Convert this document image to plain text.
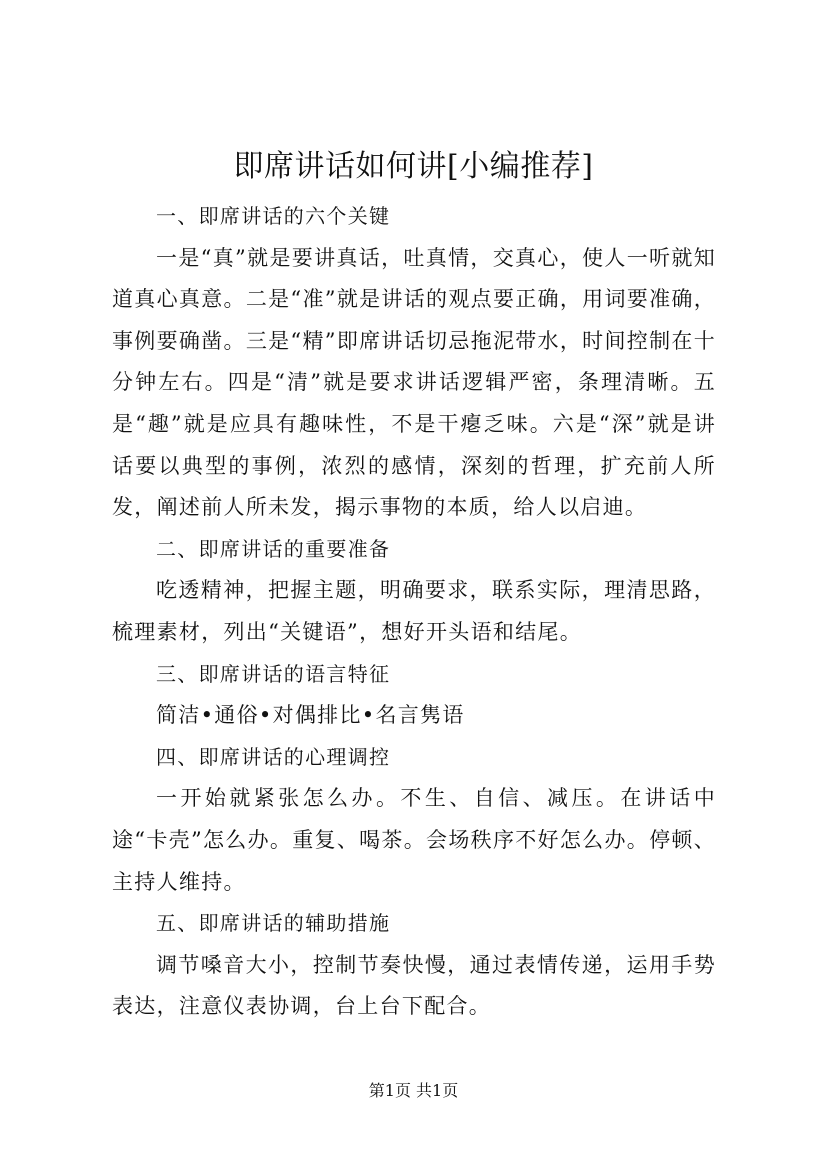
即席讲话如何讲[小编推荐]

一、即席讲话的六个关键

一是“真”就是要讲真话，吐真情，交真心，使人一听就知道真心真意。二是“准”就是讲话的观点要正确，用词要准确，事例要确凿。三是“精”即席讲话切忌拖泥带水，时间控制在十分钟左右。四是“清”就是要求讲话逻辑严密，条理清晰。五是“趣”就是应具有趣味性，不是干瘪乏味。六是“深”就是讲话要以典型的事例，浓烈的感情，深刻的哲理，扩充前人所发，阐述前人所未发，揭示事物的本质，给人以启迪。

二、即席讲话的重要准备

吃透精神，把握主题，明确要求，联系实际，理清思路，梳理素材，列出“关键语”，想好开头语和结尾。

三、即席讲话的语言特征

简洁•通俗•对偶排比•名言隽语

四、即席讲话的心理调控

一开始就紧张怎么办。不生、自信、减压。在讲话中途“卡壳”怎么办。重复、喝茶。会场秩序不好怎么办。停顿、主持人维持。

五、即席讲话的辅助措施

调节嗓音大小，控制节奏快慢，通过表情传递，运用手势表达，注意仪表协调，台上台下配合。

第1页 共1页
